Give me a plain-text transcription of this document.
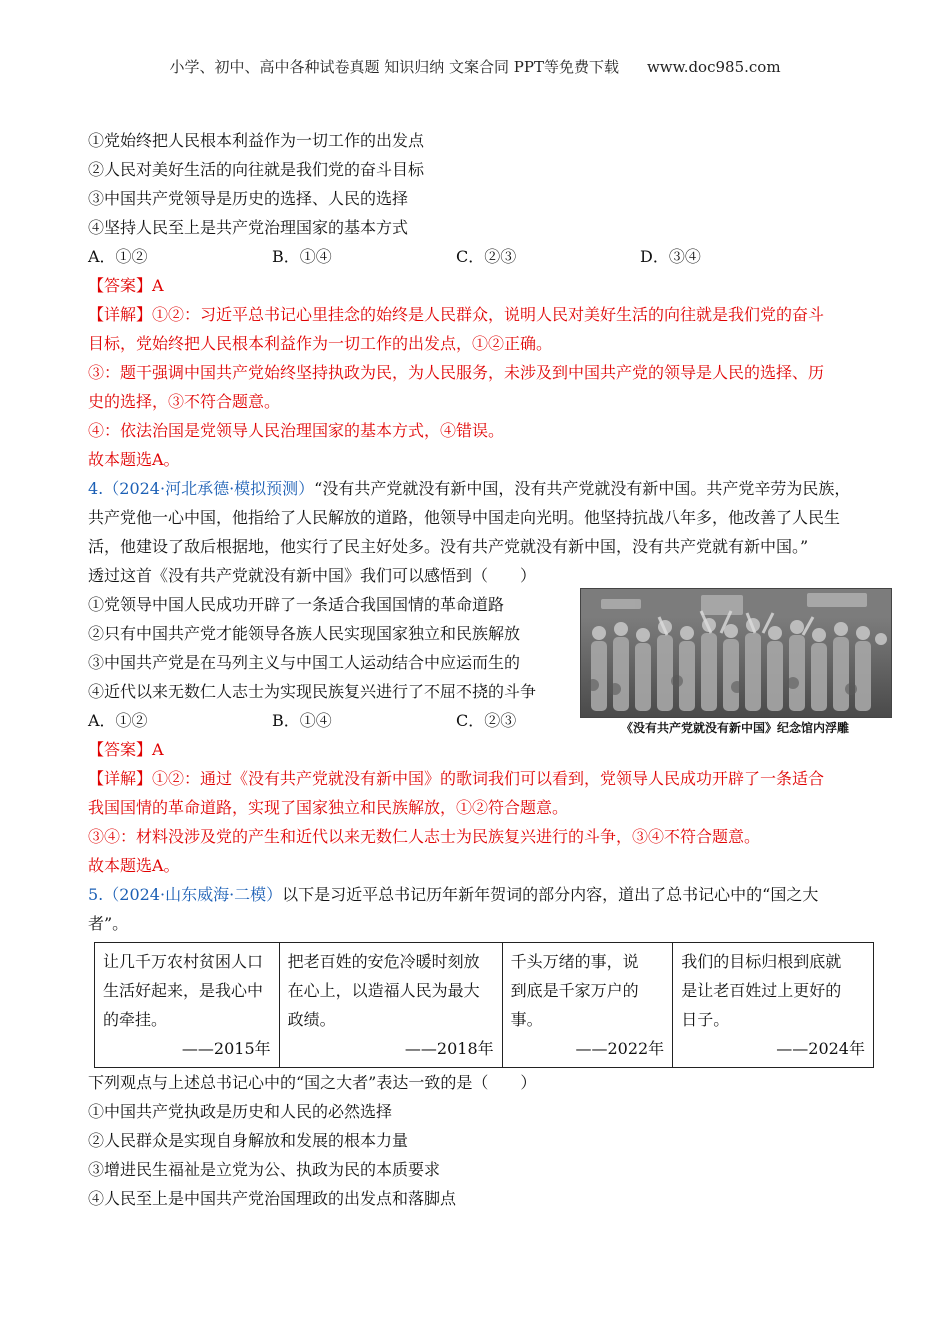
小学、初中、高中各种试卷真题 知识归纳 文案合同 PPT等免费下载 www.doc985.com
①党始终把人民根本利益作为一切工作的出发点
②人民对美好生活的向往就是我们党的奋斗目标
③中国共产党领导是历史的选择、人民的选择
④坚持人民至上是共产党治理国家的基本方式
A．①②	B．①④	C．②③	D．③④
【答案】A
【详解】①②：习近平总书记心里挂念的始终是人民群众，说明人民对美好生活的向往就是我们党的奋斗
目标，党始终把人民根本利益作为一切工作的出发点，①②正确。
③：题干强调中国共产党始终坚持执政为民，为人民服务，未涉及到中国共产党的领导是人民的选择、历
史的选择，③不符合题意。
④：依法治国是党领导人民治理国家的基本方式，④错误。
故本题选A。
4.（2024·河北承德·模拟预测）“没有共产党就没有新中国，没有共产党就没有新中国。共产党辛劳为民族，
共产党他一心中国，他指给了人民解放的道路，他领导中国走向光明。他坚持抗战八年多，他改善了人民生
活，他建设了敌后根据地，他实行了民主好处多。没有共产党就没有新中国，没有共产党就有新中国。”
透过这首《没有共产党就没有新中国》我们可以感悟到（　　）
①党领导中国人民成功开辟了一条适合我国国情的革命道路
②只有中国共产党才能领导各族人民实现国家独立和民族解放
③中国共产党是在马列主义与中国工人运动结合中应运而生的
④近代以来无数仁人志士为实现民族复兴进行了不屈不挠的斗争
A．①②	B．①④	C．②③	《没有共产党就没有新中国》纪念馆内浮雕
【答案】A
【详解】①②：通过《没有共产党就没有新中国》的歌词我们可以看到，党领导人民成功开辟了一条适合
我国国情的革命道路，实现了国家独立和民族解放，①②符合题意。
③④：材料没涉及党的产生和近代以来无数仁人志士为民族复兴进行的斗争，③④不符合题意。
故本题选A。
5.（2024·山东威海·二模）以下是习近平总书记历年新年贺词的部分内容，道出了总书记心中的“国之大
者”。
让几千万农村贫困人口
生活好起来，是我心中
的牵挂。
——2015年

把老百姓的安危冷暖时刻放
在心上，以造福人民为最大
政绩。
——2018年

千头万绪的事，说
到底是千家万户的
事。
——2022年

我们的目标归根到底就
是让老百姓过上更好的
日子。
——2024年
下列观点与上述总书记心中的“国之大者”表达一致的是（　　）
①中国共产党执政是历史和人民的必然选择
②人民群众是实现自身解放和发展的根本力量
③增进民生福祉是立党为公、执政为民的本质要求
④人民至上是中国共产党治国理政的出发点和落脚点
